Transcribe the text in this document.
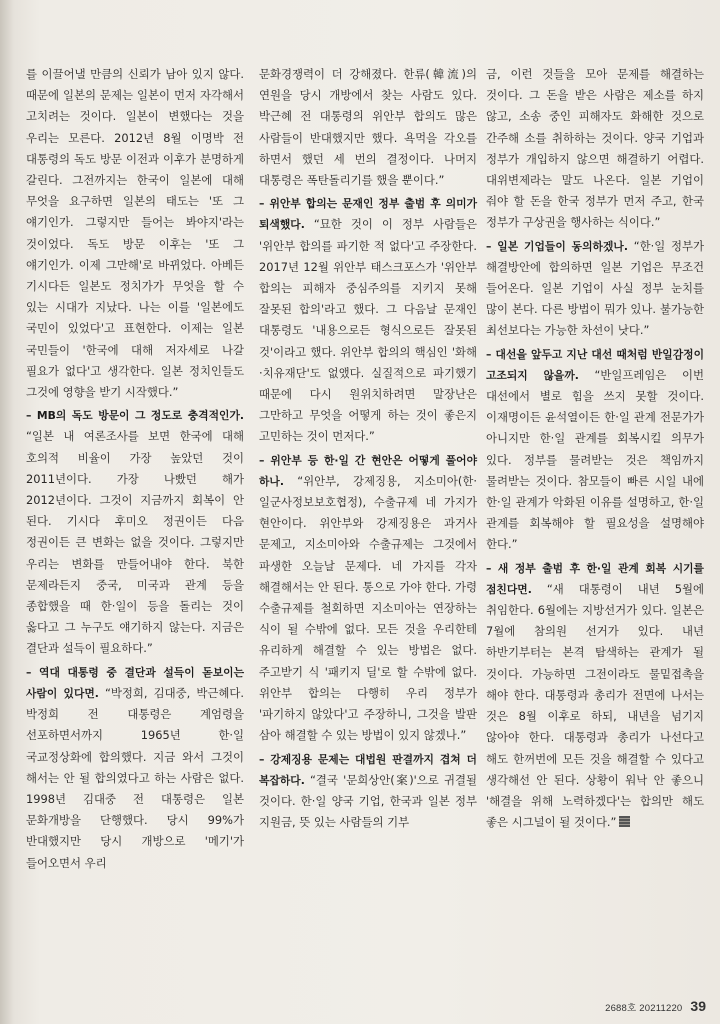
를 이끌어낼 만큼의 신뢰가 남아 있지 않다. 때문에 일본의 문제는 일본이 먼저 자각해서 고치려는 것이다. 일본이 변했다는 것을 우리는 모른다. 2012년 8월 이명박 전 대통령의 독도 방문 이전과 이후가 분명하게 갈린다. 그전까지는 한국이 일본에 대해 무엇을 요구하면 일본의 태도는 '또 그 얘기인가. 그렇지만 들어는 봐야지'라는 것이었다. 독도 방문 이후는 '또 그 얘기인가. 이제 그만해'로 바뀌었다. 아베든 기시다든 일본도 정치가가 무엇을 할 수 있는 시대가 지났다. 나는 이를 '일본에도 국민이 있었다'고 표현한다. 이제는 일본 국민들이 '한국에 대해 저자세로 나갈 필요가 없다'고 생각한다. 일본 정치인들도 그것에 영향을 받기 시작했다.”

– MB의 독도 방문이 그 정도로 충격적인가. “일본 내 여론조사를 보면 한국에 대해 호의적 비율이 가장 높았던 것이 2011년이다. 가장 나빴던 해가 2012년이다. 그것이 지금까지 회복이 안 된다. 기시다 후미오 정권이든 다음 정권이든 큰 변화는 없을 것이다. 그렇지만 우리는 변화를 만들어내야 한다. 북한 문제라든지 중국, 미국과 관계 등을 종합했을 때 한·일이 등을 돌리는 것이 옳다고 그 누구도 얘기하지 않는다. 지금은 결단과 설득이 필요하다.”

– 역대 대통령 중 결단과 설득이 돋보이는 사람이 있다면. “박정희, 김대중, 박근혜다. 박정희 전 대통령은 계엄령을 선포하면서까지 1965년 한·일 국교정상화에 합의했다. 지금 와서 그것이 해서는 안 될 합의였다고 하는 사람은 없다. 1998년 김대중 전 대통령은 일본 문화개방을 단행했다. 당시 99%가 반대했지만 당시 개방으로 '메기'가 들어오면서 우리

문화경쟁력이 더 강해졌다. 한류(韓流)의 연원을 당시 개방에서 찾는 사람도 있다. 박근혜 전 대통령의 위안부 합의도 많은 사람들이 반대했지만 했다. 욕먹을 각오를 하면서 했던 세 번의 결정이다. 나머지 대통령은 폭탄돌리기를 했을 뿐이다.”

– 위안부 합의는 문재인 정부 출범 후 의미가 퇴색했다. “묘한 것이 이 정부 사람들은 '위안부 합의를 파기한 적 없다'고 주장한다. 2017년 12월 위안부 태스크포스가 '위안부 합의는 피해자 중심주의를 지키지 못해 잘못된 합의'라고 했다. 그 다음날 문재인 대통령도 '내용으로든 형식으로든 잘못된 것'이라고 했다. 위안부 합의의 핵심인 '화해·치유재단'도 없앴다. 실질적으로 파기했기 때문에 다시 원위치하려면 말장난은 그만하고 무엇을 어떻게 하는 것이 좋은지 고민하는 것이 먼저다.”

– 위안부 등 한·일 간 현안은 어떻게 풀어야 하나. “위안부, 강제징용, 지소미아(한·일군사정보보호협정), 수출규제 네 가지가 현안이다. 위안부와 강제징용은 과거사 문제고, 지소미아와 수출규제는 그것에서 파생한 오늘날 문제다. 네 가지를 각자 해결해서는 안 된다. 통으로 가야 한다. 가령 수출규제를 철회하면 지소미아는 연장하는 식이 될 수밖에 없다. 모든 것을 우리한테 유리하게 해결할 수 있는 방법은 없다. 주고받기 식 '패키지 딜'로 할 수밖에 없다. 위안부 합의는 다행히 우리 정부가 '파기하지 않았다'고 주장하니, 그것을 발판 삼아 해결할 수 있는 방법이 있지 않겠나.”

– 강제징용 문제는 대법원 판결까지 겹쳐 더 복잡하다. “결국 '문희상안(案)'으로 귀결될 것이다. 한·일 양국 기업, 한국과 일본 정부 지원금, 뜻 있는 사람들의 기부

금, 이런 것들을 모아 문제를 해결하는 것이다. 그 돈을 받은 사람은 제소를 하지 않고, 소송 중인 피해자도 화해한 것으로 간주해 소를 취하하는 것이다. 양국 기업과 정부가 개입하지 않으면 해결하기 어렵다. 대위변제라는 말도 나온다. 일본 기업이 줘야 할 돈을 한국 정부가 먼저 주고, 한국 정부가 구상권을 행사하는 식이다.”

– 일본 기업들이 동의하겠나. “한·일 정부가 해결방안에 합의하면 일본 기업은 무조건 들어온다. 일본 기업이 사실 정부 눈치를 많이 본다. 다른 방법이 뭐가 있나. 불가능한 최선보다는 가능한 차선이 낫다.”

– 대선을 앞두고 지난 대선 때처럼 반일감정이 고조되지 않을까. “반일프레임은 이번 대선에서 별로 힘을 쓰지 못할 것이다. 이재명이든 윤석열이든 한·일 관계 전문가가 아니지만 한·일 관계를 회복시킬 의무가 있다. 정부를 물려받는 것은 책임까지 물려받는 것이다. 참모들이 빠른 시일 내에 한·일 관계가 악화된 이유를 설명하고, 한·일 관계를 회복해야 할 필요성을 설명해야 한다.”

– 새 정부 출범 후 한·일 관계 회복 시기를 점친다면. “새 대통령이 내년 5월에 취임한다. 6월에는 지방선거가 있다. 일본은 7월에 참의원 선거가 있다. 내년 하반기부터는 본격 탐색하는 관계가 될 것이다. 가능하면 그전이라도 물밑접촉을 해야 한다. 대통령과 총리가 전면에 나서는 것은 8월 이후로 하되, 내년을 넘기지 않아야 한다. 대통령과 총리가 나선다고 해도 한꺼번에 모든 것을 해결할 수 있다고 생각해선 안 된다. 상황이 워낙 안 좋으니 '해결을 위해 노력하겠다'는 합의만 해도 좋은 시그널이 될 것이다.”

2688호 20211220 39
